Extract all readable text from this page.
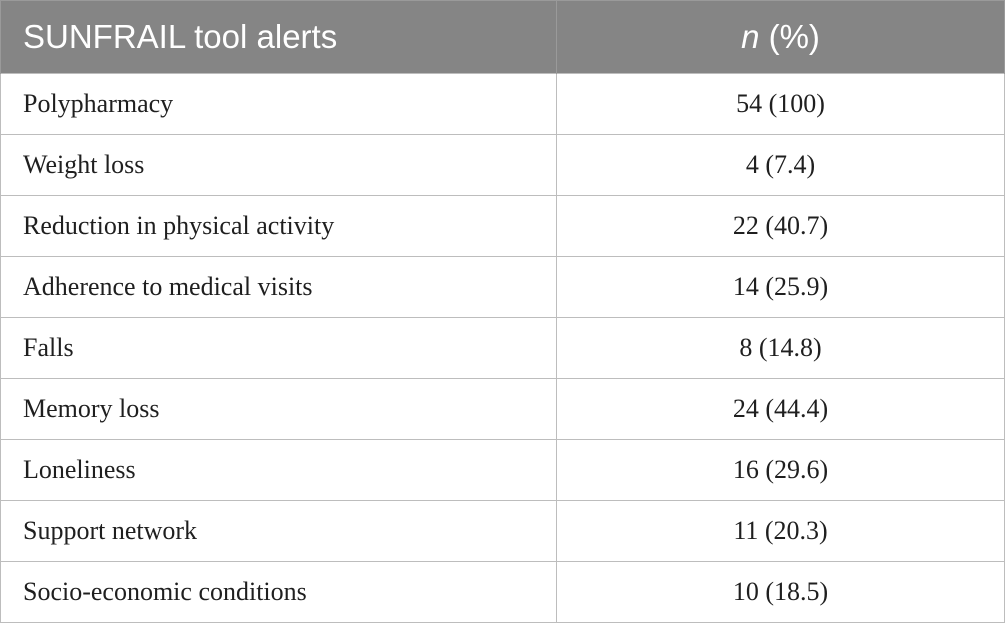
SUNFRAIL tool alerts	n (%)
Polypharmacy	54 (100)
Weight loss	4 (7.4)
Reduction in physical activity	22 (40.7)
Adherence to medical visits	14 (25.9)
Falls	8 (14.8)
Memory loss	24 (44.4)
Loneliness	16 (29.6)
Support network	11 (20.3)
Socio-economic conditions	10 (18.5)
